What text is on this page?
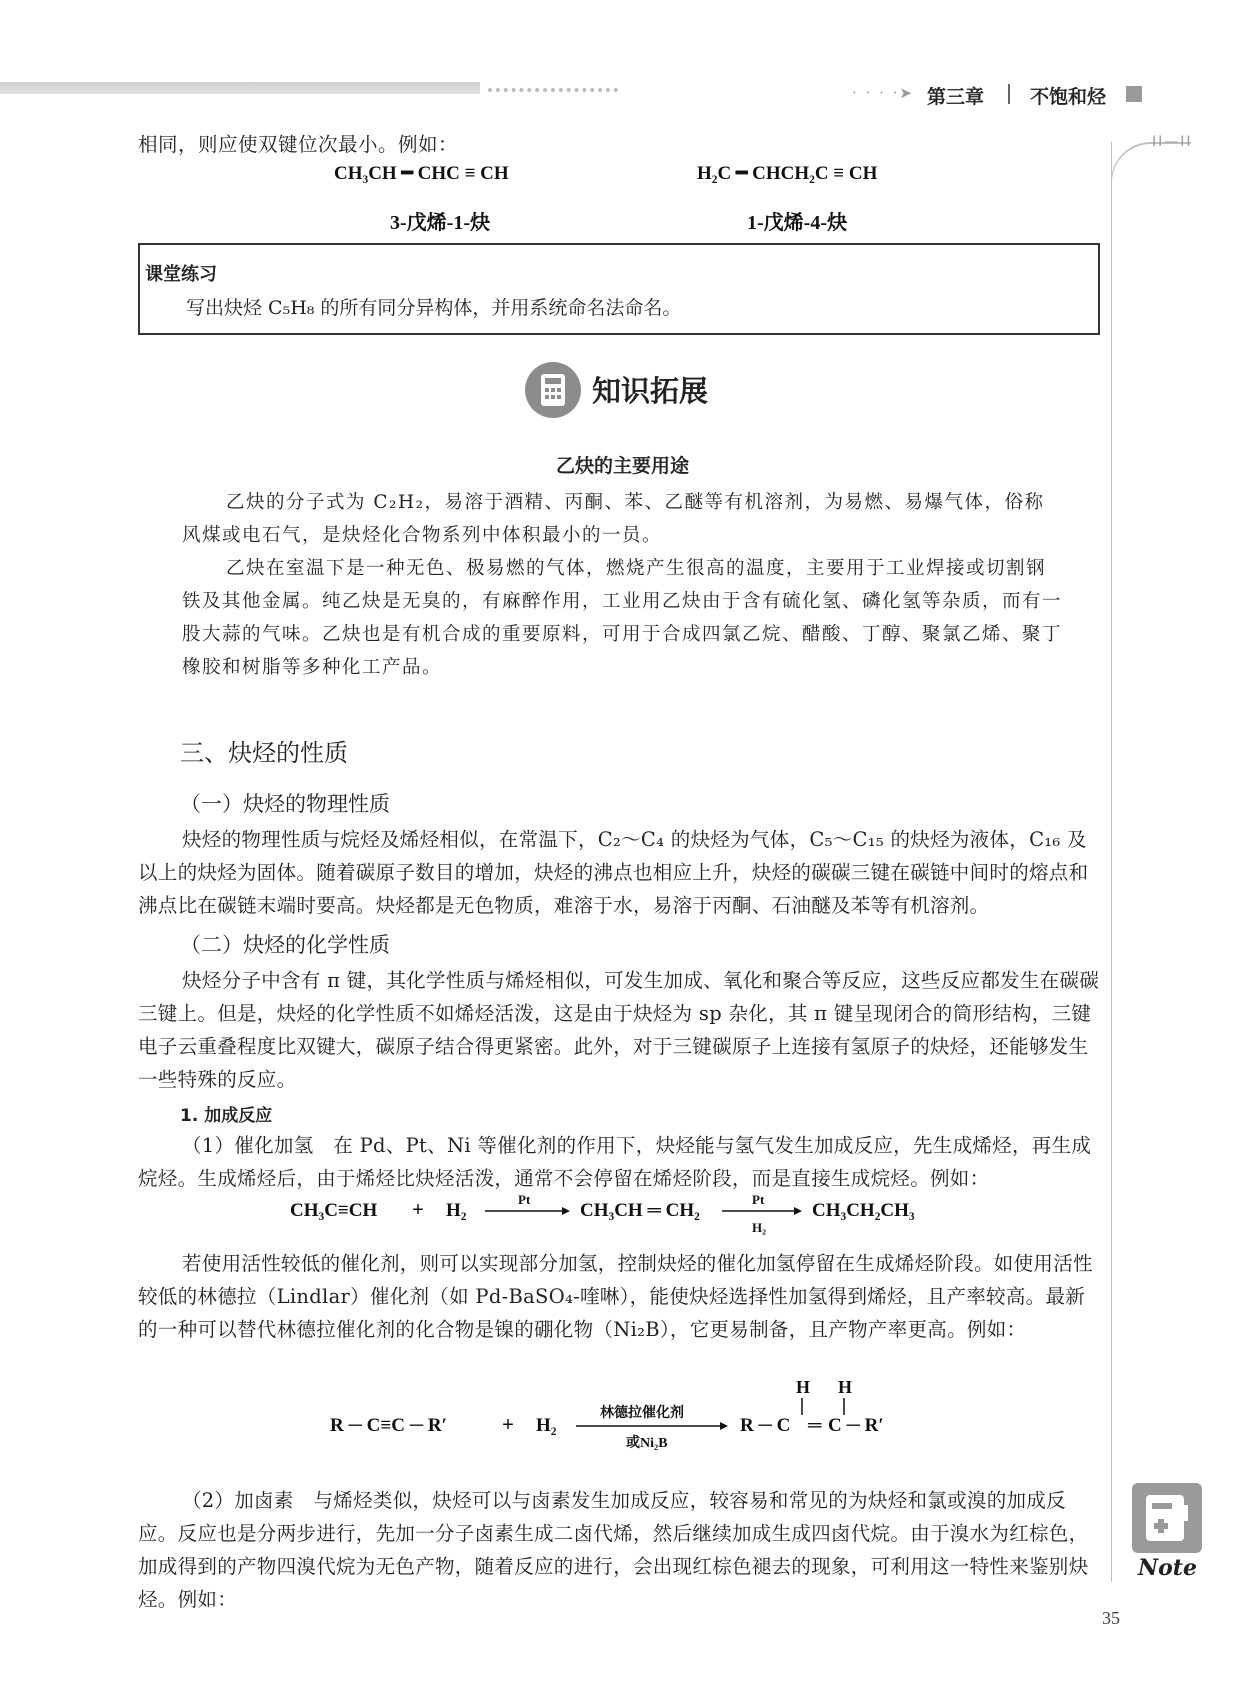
· · · ·➤ 第三章 不饱和烃
II—II
相同，则应使双键位次最小。例如：
CH₃CH ━ CHC ≡ CH	H₂C ━ CHCH₂C ≡ CH
3-戊烯-1-炔	1-戊烯-4-炔
课堂练习
写出炔烃 C₅H₈ 的所有同分异构体，并用系统命名法命名。
知识拓展
乙炔的主要用途
乙炔的分子式为 C₂H₂，易溶于酒精、丙酮、苯、乙醚等有机溶剂，为易燃、易爆气体，俗称风煤或电石气，是炔烃化合物系列中体积最小的一员。
乙炔在室温下是一种无色、极易燃的气体，燃烧产生很高的温度，主要用于工业焊接或切割钢铁及其他金属。纯乙炔是无臭的，有麻醉作用，工业用乙炔由于含有硫化氢、磷化氢等杂质，而有一股大蒜的气味。乙炔也是有机合成的重要原料，可用于合成四氯乙烷、醋酸、丁醇、聚氯乙烯、聚丁橡胶和树脂等多种化工产品。
三、炔烃的性质
（一）炔烃的物理性质
炔烃的物理性质与烷烃及烯烃相似，在常温下，C₂～C₄ 的炔烃为气体，C₅～C₁₅ 的炔烃为液体，C₁₆ 及以上的炔烃为固体。随着碳原子数目的增加，炔烃的沸点也相应上升，炔烃的碳碳三键在碳链中间时的熔点和沸点比在碳链末端时要高。炔烃都是无色物质，难溶于水，易溶于丙酮、石油醚及苯等有机溶剂。
（二）炔烃的化学性质
炔烃分子中含有 π 键，其化学性质与烯烃相似，可发生加成、氧化和聚合等反应，这些反应都发生在碳碳三键上。但是，炔烃的化学性质不如烯烃活泼，这是由于炔烃为 sp 杂化，其 π 键呈现闭合的筒形结构，三键电子云重叠程度比双键大，碳原子结合得更紧密。此外，对于三键碳原子上连接有氢原子的炔烃，还能够发生一些特殊的反应。
1. 加成反应
（1）催化加氢　在 Pd、Pt、Ni 等催化剂的作用下，炔烃能与氢气发生加成反应，先生成烯烃，再生成烷烃。生成烯烃后，由于烯烃比炔烃活泼，通常不会停留在烯烃阶段，而是直接生成烷烃。例如：
CH₃C≡CH + H₂
Pt
CH₃CH ═ CH₂
Pt
H₂
CH₃CH₂CH₃
若使用活性较低的催化剂，则可以实现部分加氢，控制炔烃的催化加氢停留在生成烯烃阶段。如使用活性较低的林德拉（Lindlar）催化剂（如 Pd-BaSO₄-喹啉），能使炔烃选择性加氢得到烯烃，且产率较高。最新的一种可以替代林德拉催化剂的化合物是镍的硼化物（Ni₂B），它更易制备，且产物产率更高。例如：
R ─ C≡C ─ R′	+ H₂
林德拉催化剂
或Ni₂B
R ─ C ═ C ─ R′
H H
（2）加卤素　与烯烃类似，炔烃可以与卤素发生加成反应，较容易和常见的为炔烃和氯或溴的加成反应。反应也是分两步进行，先加一分子卤素生成二卤代烯，然后继续加成生成四卤代烷。由于溴水为红棕色，加成得到的产物四溴代烷为无色产物，随着反应的进行，会出现红棕色褪去的现象，可利用这一特性来鉴别炔烃。例如：
Note
35
